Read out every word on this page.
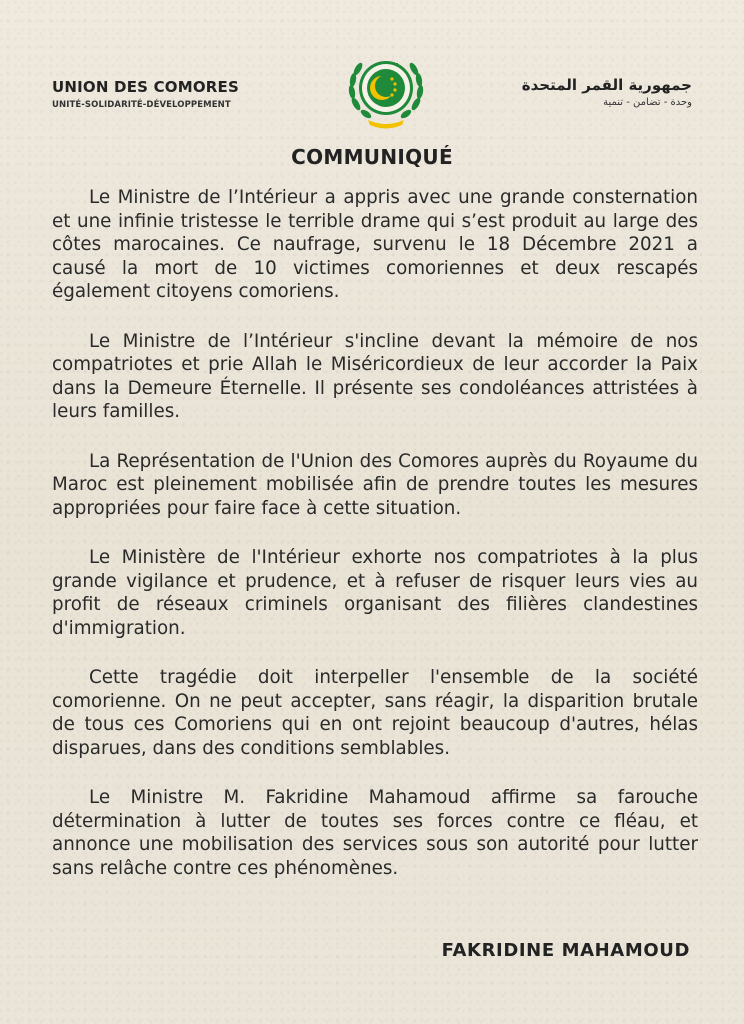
UNION DES COMORES
UNITÉ-SOLIDARITÉ-DÉVELOPPEMENT
جمهورية القمر المتحدة
وحدة - تضامن - تنمية
COMMUNIQUÉ

Le Ministre de l’Intérieur a appris avec une grande consternation et une infinie tristesse le terrible drame qui s’est produit au large des côtes marocaines. Ce naufrage, survenu le 18 Décembre 2021 a causé la mort de 10 victimes comoriennes et deux rescapés également citoyens comoriens.

Le Ministre de l’Intérieur s'incline devant la mémoire de nos compatriotes et prie Allah le Miséricordieux de leur accorder la Paix dans la Demeure Éternelle. Il présente ses condoléances attristées à leurs familles.

La Représentation de l'Union des Comores auprès du Royaume du Maroc est pleinement mobilisée afin de prendre toutes les mesures appropriées pour faire face à cette situation.

Le Ministère de l'Intérieur exhorte nos compatriotes à la plus grande vigilance et prudence, et à refuser de risquer leurs vies au profit de réseaux criminels organisant des filières clandestines d'immigration.

Cette tragédie doit interpeller l'ensemble de la société comorienne. On ne peut accepter, sans réagir, la disparition brutale de tous ces Comoriens qui en ont rejoint beaucoup d'autres, hélas disparues, dans des conditions semblables.

Le Ministre M. Fakridine Mahamoud affirme sa farouche détermination à lutter de toutes ses forces contre ce fléau, et annonce une mobilisation des services sous son autorité pour lutter sans relâche contre ces phénomènes.

FAKRIDINE MAHAMOUD
